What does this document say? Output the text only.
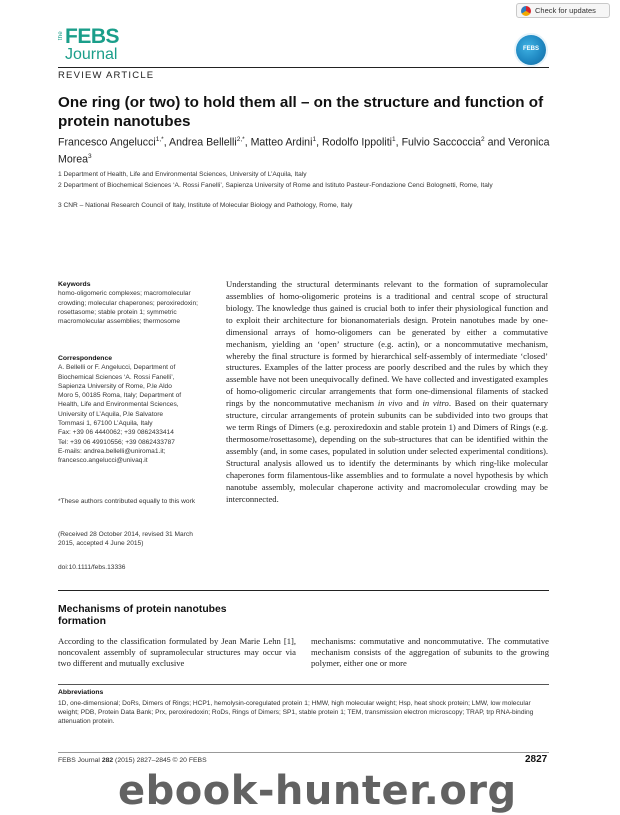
Check for updates
the FEBS
Journal	FEBS
REVIEW ARTICLE
One ring (or two) to hold them all – on the structure and function of protein nanotubes
Francesco Angelucci$^{1,*}$, Andrea Bellelli$^{2,*}$, Matteo Ardini$^1$, Rodolfo Ippoliti$^1$, Fulvio Saccoccia$^2$ and Veronica Morea$^3$
1 Department of Health, Life and Environmental Sciences, University of L’Aquila, Italy
2 Department of Biochemical Sciences ‘A. Rossi Fanelli’, Sapienza University of Rome and Istituto Pasteur-Fondazione Cenci Bolognetti, Rome, Italy
3 CNR – National Research Council of Italy, Institute of Molecular Biology and Pathology, Rome, Italy
Keywords
homo-oligomeric complexes; macromolecular crowding; molecular chaperones; peroxiredoxin; rosettasome; stable protein 1; symmetric macromolecular assemblies; thermosome
Correspondence
A. Bellelli or F. Angelucci, Department of
Biochemical Sciences ‘A. Rossi Fanelli’,
Sapienza University of Rome, P.le Aldo
Moro 5, 00185 Roma, Italy; Department of
Health, Life and Environmental Sciences,
University of L’Aquila, P.le Salvatore
Tommasi 1, 67100 L’Aquila, Italy
Fax: +39 06 4440062; +39 0862433414
Tel: +39 06 49910556; +39 0862433787
E-mails: andrea.bellelli@uniroma1.it;
francesco.angelucci@univaq.it
*These authors contributed equally to this work
(Received 28 October 2014, revised 31 March 2015, accepted 4 June 2015)
doi:10.1111/febs.13336
Understanding the structural determinants relevant to the formation of supramolecular assemblies of homo-oligomeric proteins is a traditional and central scope of structural biology. The knowledge thus gained is crucial both to infer their physiological function and to exploit their architecture for bionanomaterials design. Protein nanotubes made by one-dimensional arrays of homo-oligomers can be generated by either a commutative mechanism, yielding an ‘open’ structure (e.g. actin), or a noncommutative mechanism, whereby the final structure is formed by hierarchical self-assembly of intermediate ‘closed’ structures. Examples of the latter process are poorly described and the rules by which they assemble have not been unequivocally defined. We have collected and investigated examples of homo-oligomeric circular arrangements that form one-dimensional filaments of stacked rings by the noncommutative mechanism in vivo and in vitro. Based on their quaternary structure, circular arrangements of protein subunits can be subdivided into two groups that we term Rings of Dimers (e.g. peroxiredoxin and stable protein 1) and Dimers of Rings (e.g. thermosome/rosettasome), depending on the sub-structures that can be identified within the assembly (and, in some cases, populated in solution under selected experimental conditions). Structural analysis allowed us to identify the determinants by which ring-like molecular chaperones form filamentous-like assemblies and to formulate a novel hypothesis by which nanotube assembly, molecular chaperone activity and macromolecular crowding may be interconnected.
Mechanisms of protein nanotubes formation
According to the classification formulated by Jean Marie Lehn [1], noncovalent assembly of supramolecular structures may occur via two different and mutually exclusive
mechanisms: commutative and noncommutative. The commutative mechanism consists of the aggregation of subunits to the growing polymer, either one or more
Abbreviations
1D, one-dimensional; DoRs, Dimers of Rings; HCP1, hemolysin-coregulated protein 1; HMW, high molecular weight; Hsp, heat shock protein; LMW, low molecular weight; PDB, Protein Data Bank; Prx, peroxiredoxin; RoDs, Rings of Dimers; SP1, stable protein 1; TEM, transmission electron microscopy; TRAP, trp RNA-binding attenuation protein.
FEBS Journal 282 (2015) 2827–2845 © 20 FEBS	2827
ebook-hunter.org
